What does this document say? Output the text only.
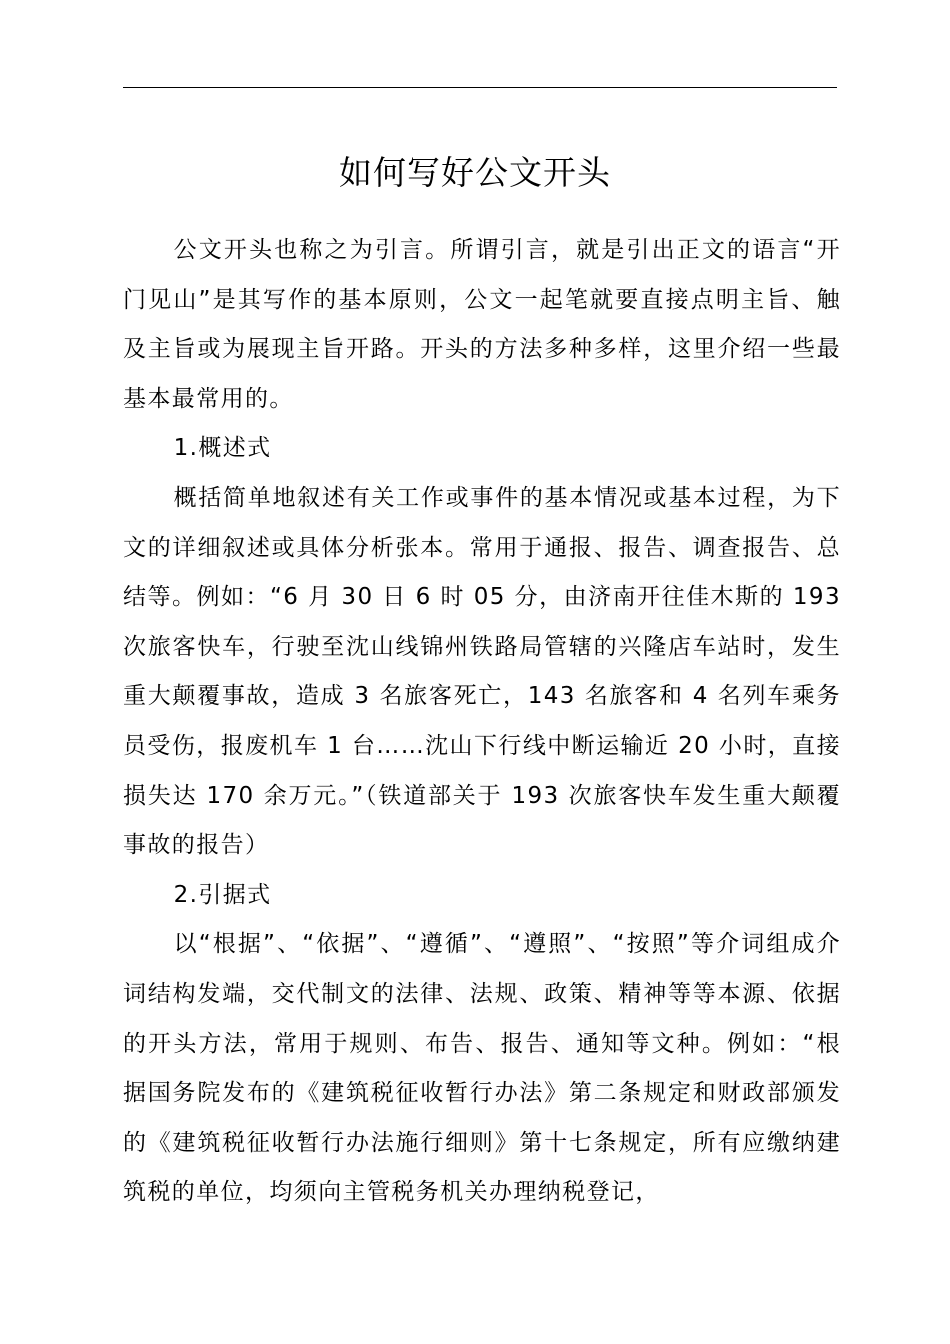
如何写好公文开头

公文开头也称之为引言。所谓引言，就是引出正文的语言“开门见山”是其写作的基本原则，公文一起笔就要直接点明主旨、触及主旨或为展现主旨开路。开头的方法多种多样，这里介绍一些最基本最常用的。

1.概述式

概括简单地叙述有关工作或事件的基本情况或基本过程，为下文的详细叙述或具体分析张本。常用于通报、报告、调查报告、总结等。例如：“6 月 30 日 6 时 05 分，由济南开往佳木斯的 193 次旅客快车，行驶至沈山线锦州铁路局管辖的兴隆店车站时，发生重大颠覆事故，造成 3 名旅客死亡，143 名旅客和 4 名列车乘务员受伤，报废机车 1 台……沈山下行线中断运输近 20 小时，直接损失达 170 余万元。”（铁道部关于 193 次旅客快车发生重大颠覆事故的报告）

2.引据式

以“根据”、“依据”、“遵循”、“遵照”、“按照”等介词组成介词结构发端，交代制文的法律、法规、政策、精神等等本源、依据的开头方法，常用于规则、布告、报告、通知等文种。例如：“根据国务院发布的《建筑税征收暂行办法》第二条规定和财政部颁发的《建筑税征收暂行办法施行细则》第十七条规定，所有应缴纳建筑税的单位，均须向主管税务机关办理纳税登记，
